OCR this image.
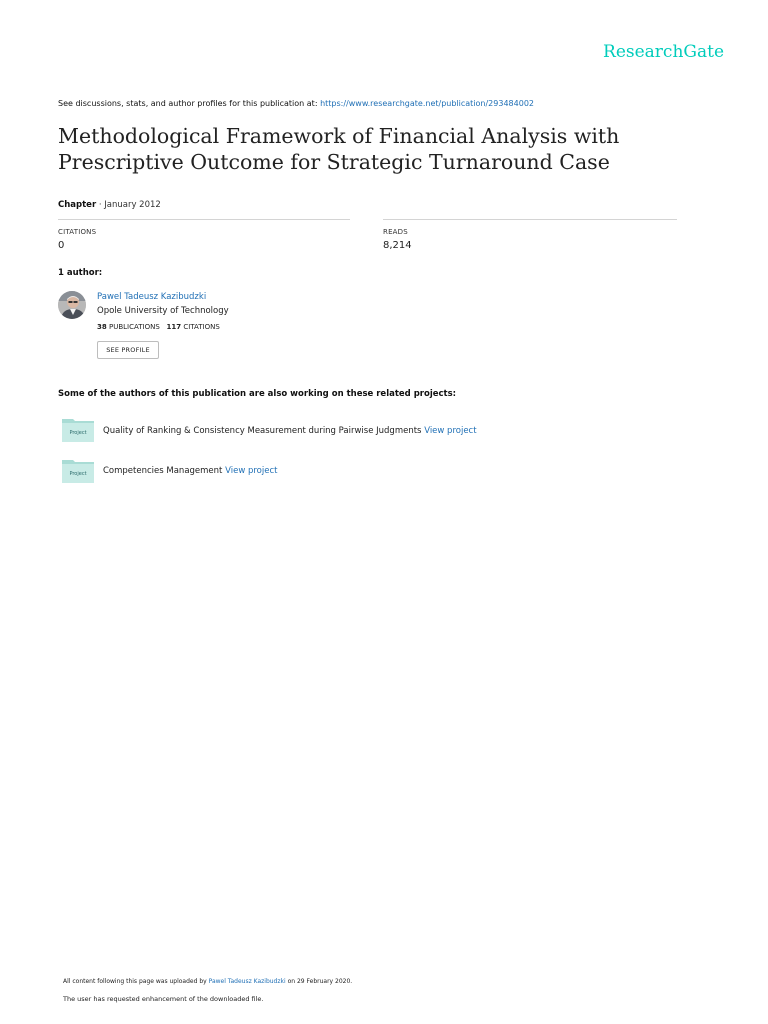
ResearchGate
See discussions, stats, and author profiles for this publication at: https://www.researchgate.net/publication/293484002
Methodological Framework of Financial Analysis with Prescriptive Outcome for Strategic Turnaround Case
Chapter · January 2012
CITATIONS
0
READS
8,214
1 author:
Pawel Tadeusz Kazibudzki
Opole University of Technology
38 PUBLICATIONS 117 CITATIONS
SEE PROFILE
Some of the authors of this publication are also working on these related projects:
Project	Quality of Ranking & Consistency Measurement during Pairwise Judgments View project
Project	Competencies Management View project
All content following this page was uploaded by Pawel Tadeusz Kazibudzki on 29 February 2020.
The user has requested enhancement of the downloaded file.
